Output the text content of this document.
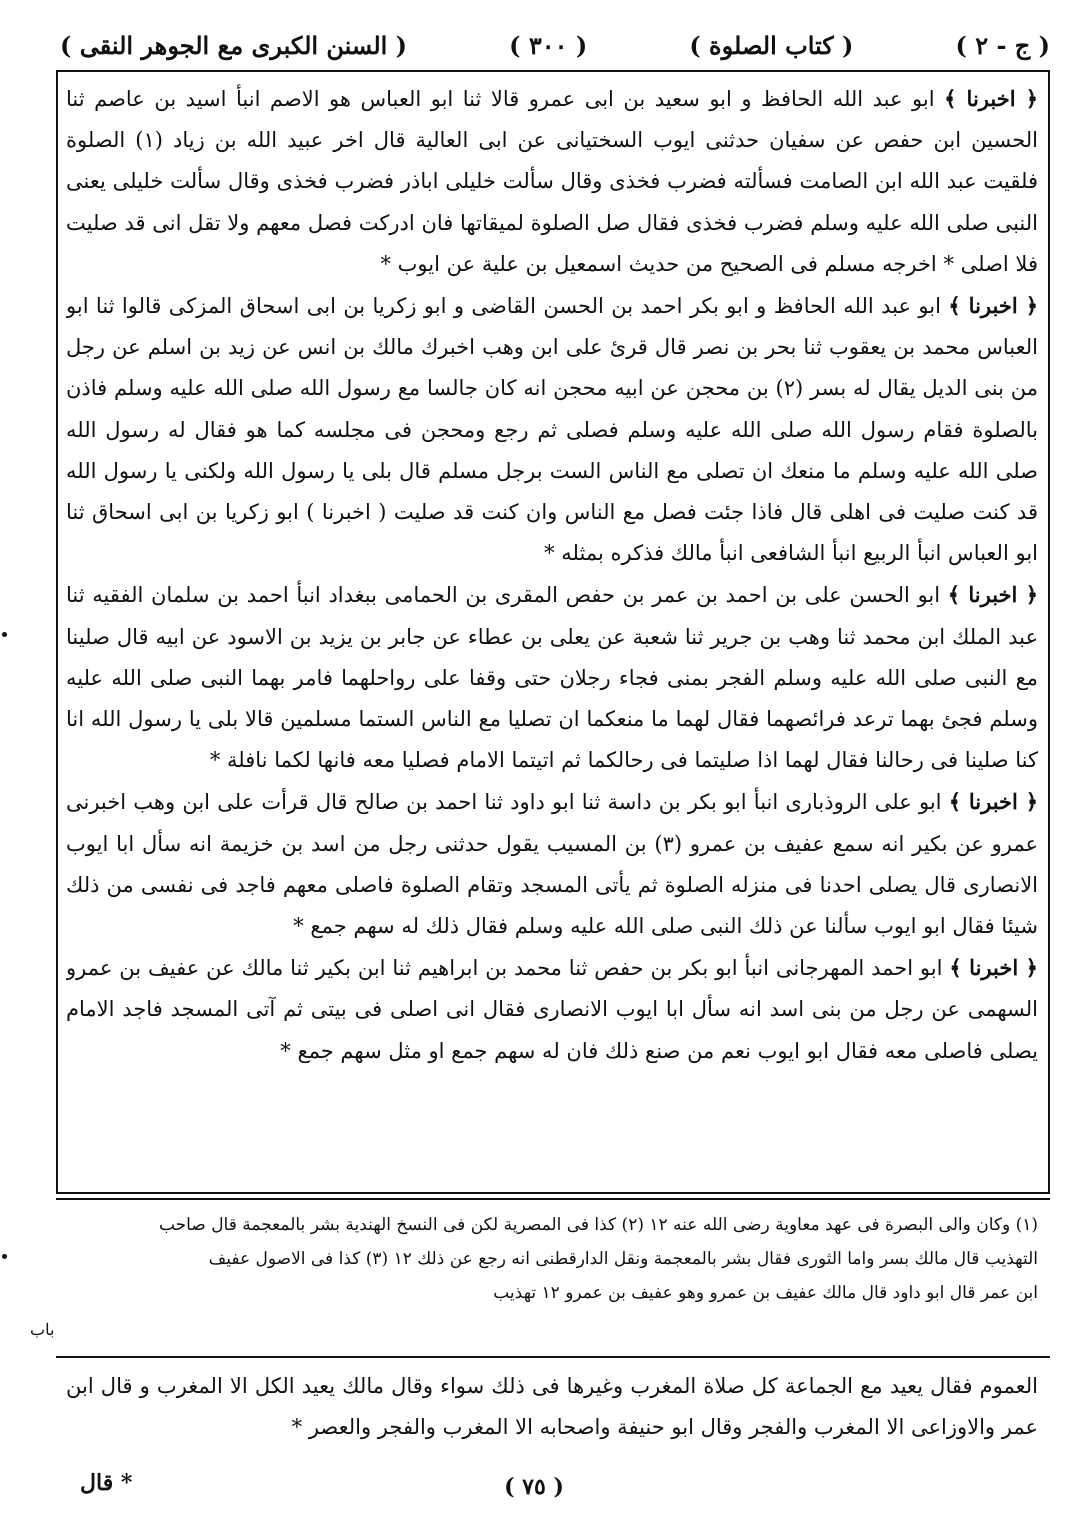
( السنن الكبرى مع الجوهر النقى )	( ٣٠٠ )	( كتاب الصلوة )	( ج - ٢ )

﴿ اخبرنا ﴾ ابو عبد الله الحافظ و ابو سعيد بن ابى عمرو قالا ثنا ابو العباس هو الاصم انبأ اسيد بن عاصم ثنا الحسين ابن حفص عن سفيان حدثنى ايوب السختيانى عن ابى العالية قال اخر عبيد الله بن زياد (١) الصلوة فلقيت عبد الله ابن الصامت فسألته فضرب فخذى وقال سألت خليلى اباذر فضرب فخذى وقال سألت خليلى يعنى النبى صلى الله عليه وسلم فضرب فخذى فقال صل الصلوة لميقاتها فان ادركت فصل معهم ولا تقل انى قد صليت فلا اصلى * اخرجه مسلم فى الصحيح من حديث اسمعيل بن علية عن ايوب *

﴿ اخبرنا ﴾ ابو عبد الله الحافظ و ابو بكر احمد بن الحسن القاضى و ابو زكريا بن ابى اسحاق المزكى قالوا ثنا ابو العباس محمد بن يعقوب ثنا بحر بن نصر قال قرئ على ابن وهب اخبرك مالك بن انس عن زيد بن اسلم عن رجل من بنى الديل يقال له بسر (٢) بن محجن عن ابيه محجن انه كان جالسا مع رسول الله صلى الله عليه وسلم فاذن بالصلوة فقام رسول الله صلى الله عليه وسلم فصلى ثم رجع ومحجن فى مجلسه كما هو فقال له رسول الله صلى الله عليه وسلم ما منعك ان تصلى مع الناس الست برجل مسلم قال بلى يا رسول الله ولكنى يا رسول الله قد كنت صليت فى اهلى قال فاذا جئت فصل مع الناس وان كنت قد صليت ( اخبرنا ) ابو زكريا بن ابى اسحاق ثنا ابو العباس انبأ الربيع انبأ الشافعى انبأ مالك فذكره بمثله *

﴿ اخبرنا ﴾ ابو الحسن على بن احمد بن عمر بن حفص المقرى بن الحمامى ببغداد انبأ احمد بن سلمان الفقيه ثنا عبد الملك ابن محمد ثنا وهب بن جرير ثنا شعبة عن يعلى بن عطاء عن جابر بن يزيد بن الاسود عن ابيه قال صلينا مع النبى صلى الله عليه وسلم الفجر بمنى فجاء رجلان حتى وقفا على رواحلهما فامر بهما النبى صلى الله عليه وسلم فجئ بهما ترعد فرائصهما فقال لهما ما منعكما ان تصليا مع الناس الستما مسلمين قالا بلى يا رسول الله انا كنا صلينا فى رحالنا فقال لهما اذا صليتما فى رحالكما ثم اتيتما الامام فصليا معه فانها لكما نافلة *

﴿ اخبرنا ﴾ ابو على الروذبارى انبأ ابو بكر بن داسة ثنا ابو داود ثنا احمد بن صالح قال قرأت على ابن وهب اخبرنى عمرو عن بكير انه سمع عفيف بن عمرو (٣) بن المسيب يقول حدثنى رجل من اسد بن خزيمة انه سأل ابا ايوب الانصارى قال يصلى احدنا فى منزله الصلوة ثم يأتى المسجد وتقام الصلوة فاصلى معهم فاجد فى نفسى من ذلك شيئا فقال ابو ايوب سألنا عن ذلك النبى صلى الله عليه وسلم فقال ذلك له سهم جمع *

﴿ اخبرنا ﴾ ابو احمد المهرجانى انبأ ابو بكر بن حفص ثنا محمد بن ابراهيم ثنا ابن بكير ثنا مالك عن عفيف بن عمرو السهمى عن رجل من بنى اسد انه سأل ابا ايوب الانصارى فقال انى اصلى فى بيتى ثم آتى المسجد فاجد الامام يصلى فاصلى معه فقال ابو ايوب نعم من صنع ذلك فان له سهم جمع او مثل سهم جمع *

(١) وكان والى البصرة فى عهد معاوية رضى الله عنه ١٢ (٢) كذا فى المصرية لكن فى النسخ الهندية بشر بالمعجمة قال صاحب
التهذيب قال مالك بسر واما الثورى فقال بشر بالمعجمة ونقل الدارقطنى انه رجع عن ذلك ١٢ (٣) كذا فى الاصول عفيف
ابن عمر قال ابو داود قال مالك عفيف بن عمرو وهو عفيف بن عمرو ١٢ تهذيب
باب

العموم فقال يعيد مع الجماعة كل صلاة المغرب وغيرها فى ذلك سواء وقال مالك يعيد الكل الا المغرب و قال ابن عمر والاوزاعى الا المغرب والفجر وقال ابو حنيفة واصحابه الا المغرب والفجر والعصر *

( ٧٥ )
* قال
